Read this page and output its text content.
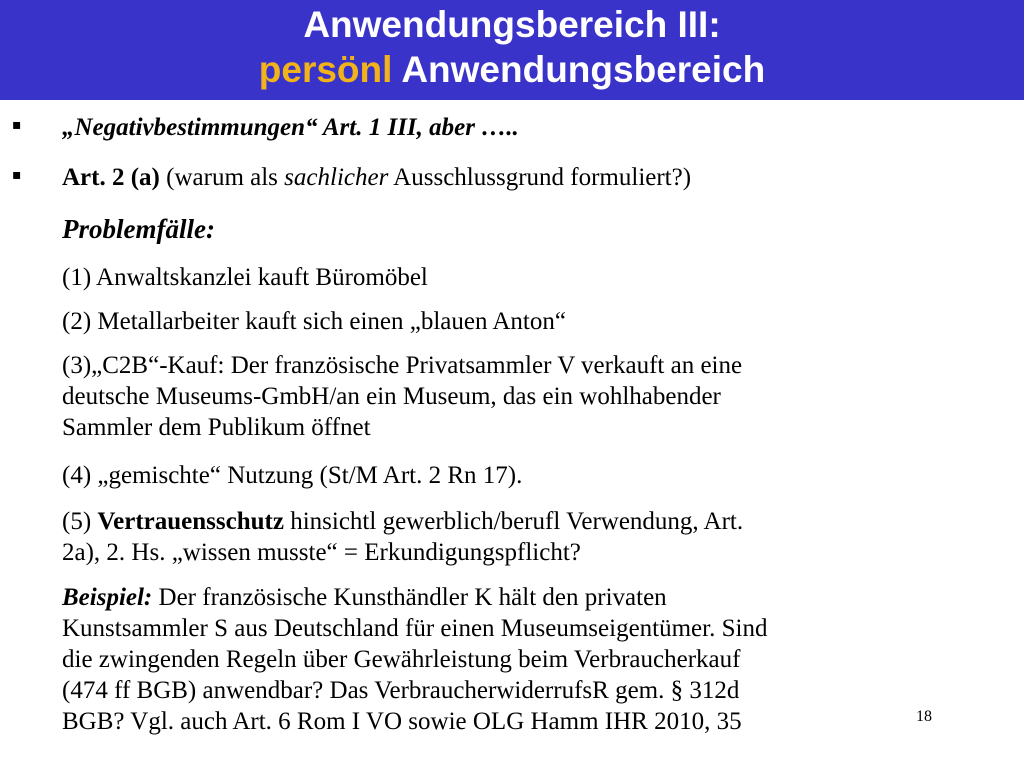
Anwendungsbereich III:
persönl Anwendungsbereich
▪ „Negativbestimmungen“ Art. 1 III, aber …..
▪ Art. 2 (a) (warum als sachlicher Ausschlussgrund formuliert?)
Problemfälle:
(1) Anwaltskanzlei kauft Büromöbel
(2) Metallarbeiter kauft sich einen „blauen Anton“
(3)„C2B“-Kauf: Der französische Privatsammler V verkauft an eine
deutsche Museums-GmbH/an ein Museum, das ein wohlhabender
Sammler dem Publikum öffnet
(4) „gemischte“ Nutzung (St/M Art. 2 Rn 17).
(5) Vertrauensschutz hinsichtl gewerblich/berufl Verwendung, Art.
2a), 2. Hs. „wissen musste“ = Erkundigungspflicht?
Beispiel: Der französische Kunsthändler K hält den privaten
Kunstsammler S aus Deutschland für einen Museumseigentümer. Sind
die zwingenden Regeln über Gewährleistung beim Verbraucherkauf
(474 ff BGB) anwendbar? Das VerbraucherwiderrufsR gem. § 312d
BGB? Vgl. auch Art. 6 Rom I VO sowie OLG Hamm IHR 2010, 35	18
